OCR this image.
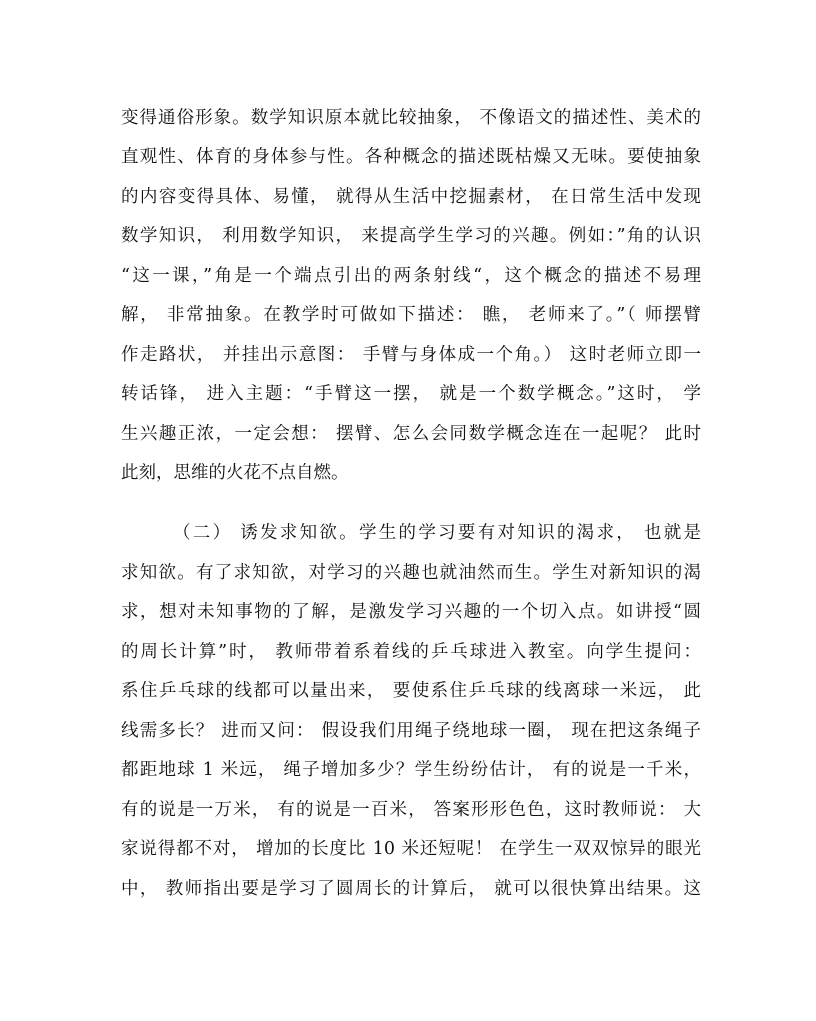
变得通俗形象。数学知识原本就比较抽象， 不像语文的描述性、美术的
直观性、体育的身体参与性。各种概念的描述既枯燥又无味。要使抽象
的内容变得具体、易懂， 就得从生活中挖掘素材， 在日常生活中发现
数学知识， 利用数学知识， 来提高学生学习的兴趣。例如：”角的认识
“这一课，”角是一个端点引出的两条射线“，这个概念的描述不易理
解， 非常抽象。在教学时可做如下描述： 瞧， 老师来了。”（ 师摆臂
作走路状， 并挂出示意图： 手臂与身体成一个角。） 这时老师立即一
转话锋， 进入主题：“手臂这一摆， 就是一个数学概念。”这时， 学
生兴趣正浓，一定会想： 摆臂、怎么会同数学概念连在一起呢？ 此时
此刻，思维的火花不点自燃。
（二） 诱发求知欲。学生的学习要有对知识的渴求， 也就是
求知欲。有了求知欲，对学习的兴趣也就油然而生。学生对新知识的渴
求，想对未知事物的了解，是激发学习兴趣的一个切入点。如讲授“圆
的周长计算”时， 教师带着系着线的乒乓球进入教室。向学生提问：
系住乒乓球的线都可以量出来， 要使系住乒乓球的线离球一米远， 此
线需多长？ 进而又问： 假设我们用绳子绕地球一圈， 现在把这条绳子
都距地球 1 米远， 绳子增加多少？学生纷纷估计， 有的说是一千米，
有的说是一万米， 有的说是一百米， 答案形形色色，这时教师说： 大
家说得都不对， 增加的长度比 10 米还短呢！ 在学生一双双惊异的眼光
中， 教师指出要是学习了圆周长的计算后， 就可以很快算出结果。这
